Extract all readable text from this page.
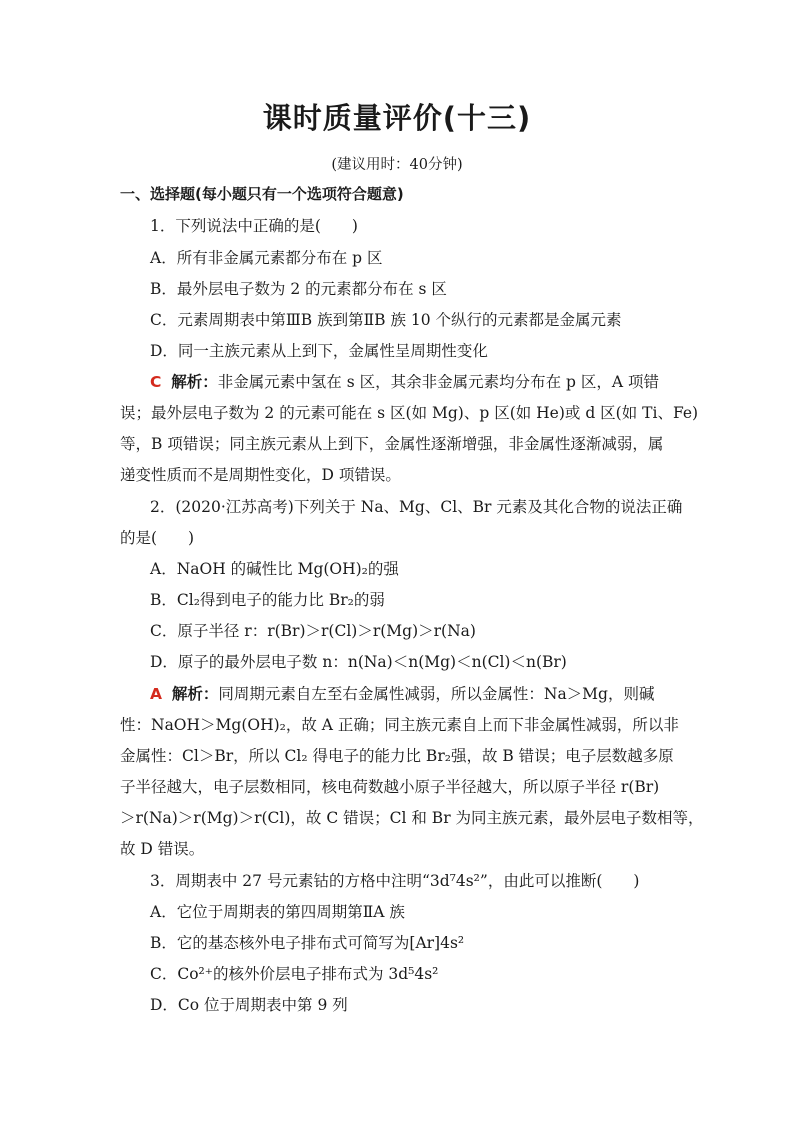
课时质量评价(十三)
(建议用时：40分钟)
一、选择题(每小题只有一个选项符合题意)
1．下列说法中正确的是(　　)
A．所有非金属元素都分布在 p 区
B．最外层电子数为 2 的元素都分布在 s 区
C．元素周期表中第ⅢB 族到第ⅡB 族 10 个纵行的元素都是金属元素
D．同一主族元素从上到下，金属性呈周期性变化
C 解析：非金属元素中氢在 s 区，其余非金属元素均分布在 p 区，A 项错
误；最外层电子数为 2 的元素可能在 s 区(如 Mg)、p 区(如 He)或 d 区(如 Ti、Fe)
等，B 项错误；同主族元素从上到下，金属性逐渐增强，非金属性逐渐减弱，属
递变性质而不是周期性变化，D 项错误。
2．(2020·江苏高考)下列关于 Na、Mg、Cl、Br 元素及其化合物的说法正确
的是(　　)
A．NaOH 的碱性比 Mg(OH)₂的强
B．Cl₂得到电子的能力比 Br₂的弱
C．原子半径 r：r(Br)＞r(Cl)＞r(Mg)＞r(Na)
D．原子的最外层电子数 n：n(Na)＜n(Mg)＜n(Cl)＜n(Br)
A 解析：同周期元素自左至右金属性减弱，所以金属性：Na＞Mg，则碱
性：NaOH＞Mg(OH)₂，故 A 正确；同主族元素自上而下非金属性减弱，所以非
金属性：Cl＞Br，所以 Cl₂ 得电子的能力比 Br₂强，故 B 错误；电子层数越多原
子半径越大，电子层数相同，核电荷数越小原子半径越大，所以原子半径 r(Br)
＞r(Na)＞r(Mg)＞r(Cl)，故 C 错误；Cl 和 Br 为同主族元素，最外层电子数相等，
故 D 错误。
3．周期表中 27 号元素钴的方格中注明“3d⁷4s²”，由此可以推断(　　)
A．它位于周期表的第四周期第ⅡA 族
B．它的基态核外电子排布式可简写为[Ar]4s²
C．Co²⁺的核外价层电子排布式为 3d⁵4s²
D．Co 位于周期表中第 9 列
